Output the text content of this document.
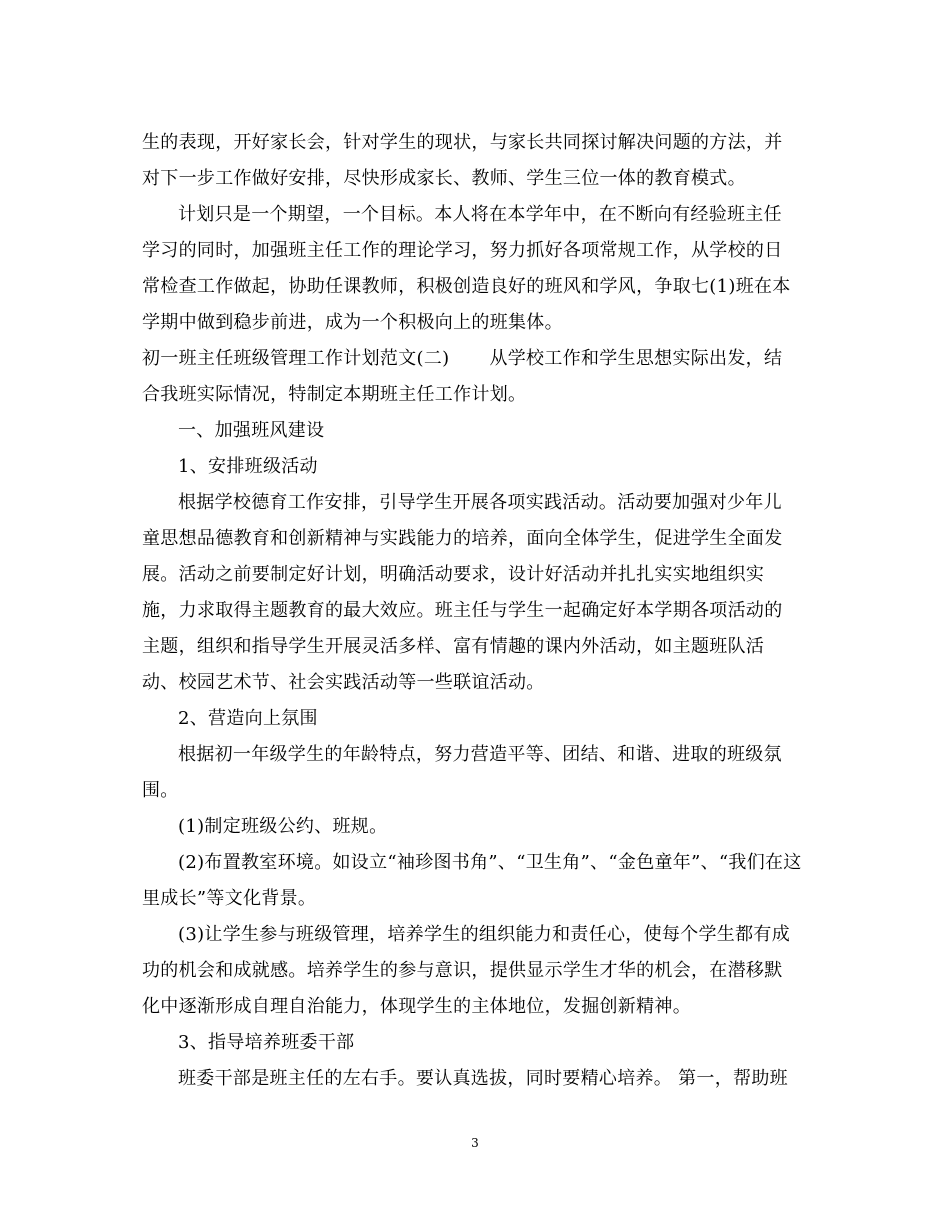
生的表现，开好家长会，针对学生的现状，与家长共同探讨解决问题的方法，并
对下一步工作做好安排，尽快形成家长、教师、学生三位一体的教育模式。
计划只是一个期望，一个目标。本人将在本学年中，在不断向有经验班主任
学习的同时，加强班主任工作的理论学习，努力抓好各项常规工作，从学校的日
常检查工作做起，协助任课教师，积极创造良好的班风和学风，争取七(1)班在本
学期中做到稳步前进，成为一个积极向上的班集体。
初一班主任班级管理工作计划范文(二) 从学校工作和学生思想实际出发，结
合我班实际情况，特制定本期班主任工作计划。
一、加强班风建设
1、安排班级活动
根据学校德育工作安排，引导学生开展各项实践活动。活动要加强对少年儿
童思想品德教育和创新精神与实践能力的培养，面向全体学生，促进学生全面发
展。活动之前要制定好计划，明确活动要求，设计好活动并扎扎实实地组织实
施，力求取得主题教育的最大效应。班主任与学生一起确定好本学期各项活动的
主题，组织和指导学生开展灵活多样、富有情趣的课内外活动，如主题班队活
动、校园艺术节、社会实践活动等一些联谊活动。
2、营造向上氛围
根据初一年级学生的年龄特点，努力营造平等、团结、和谐、进取的班级氛
围。
(1)制定班级公约、班规。
(2)布置教室环境。如设立“袖珍图书角”、“卫生角”、“金色童年”、“我们在这
里成长”等文化背景。
(3)让学生参与班级管理，培养学生的组织能力和责任心，使每个学生都有成
功的机会和成就感。培养学生的参与意识，提供显示学生才华的机会，在潜移默
化中逐渐形成自理自治能力，体现学生的主体地位，发掘创新精神。
3、指导培养班委干部
班委干部是班主任的左右手。要认真选拔，同时要精心培养。 第一，帮助班
3
